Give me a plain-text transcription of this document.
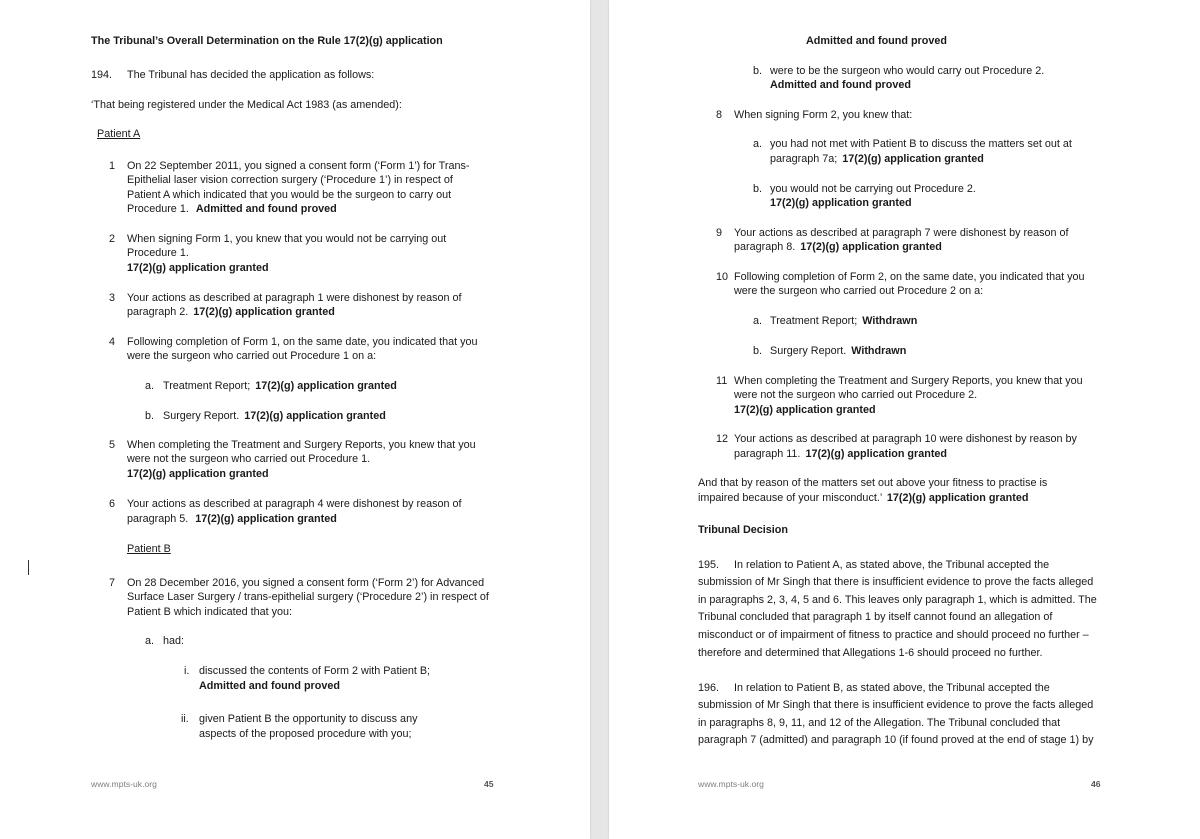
The Tribunal’s Overall Determination on the Rule 17(2)(g) application
194. The Tribunal has decided the application as follows:
‘That being registered under the Medical Act 1983 (as amended):
Patient A
1 On 22 September 2011, you signed a consent form (‘Form 1’) for Trans-
Epithelial laser vision correction surgery (‘Procedure 1’) in respect of
Patient A which indicated that you would be the surgeon to carry out
Procedure 1. Admitted and found proved
2 When signing Form 1, you knew that you would not be carrying out
Procedure 1.
17(2)(g) application granted
3 Your actions as described at paragraph 1 were dishonest by reason of
paragraph 2. 17(2)(g) application granted
4 Following completion of Form 1, on the same date, you indicated that you
were the surgeon who carried out Procedure 1 on a:
a. Treatment Report; 17(2)(g) application granted
b. Surgery Report. 17(2)(g) application granted
5 When completing the Treatment and Surgery Reports, you knew that you
were not the surgeon who carried out Procedure 1.
17(2)(g) application granted
6 Your actions as described at paragraph 4 were dishonest by reason of
paragraph 5. 17(2)(g) application granted
Patient B
7 On 28 December 2016, you signed a consent form (‘Form 2’) for Advanced
Surface Laser Surgery / trans-epithelial surgery (‘Procedure 2’) in respect of
Patient B which indicated that you:
a. had:
i. discussed the contents of Form 2 with Patient B;
Admitted and found proved
ii. given Patient B the opportunity to discuss any
aspects of the proposed procedure with you;
www.mpts-uk.org	45
Admitted and found proved
b. were to be the surgeon who would carry out Procedure 2.
Admitted and found proved
8 When signing Form 2, you knew that:
a. you had not met with Patient B to discuss the matters set out at
paragraph 7a; 17(2)(g) application granted
b. you would not be carrying out Procedure 2.
17(2)(g) application granted
9 Your actions as described at paragraph 7 were dishonest by reason of
paragraph 8. 17(2)(g) application granted
10 Following completion of Form 2, on the same date, you indicated that you
were the surgeon who carried out Procedure 2 on a:
a. Treatment Report; Withdrawn
b. Surgery Report. Withdrawn
11 When completing the Treatment and Surgery Reports, you knew that you
were not the surgeon who carried out Procedure 2.
17(2)(g) application granted
12 Your actions as described at paragraph 10 were dishonest by reason by
paragraph 11. 17(2)(g) application granted
And that by reason of the matters set out above your fitness to practise is
impaired because of your misconduct.’ 17(2)(g) application granted
Tribunal Decision
195. In relation to Patient A, as stated above, the Tribunal accepted the
submission of Mr Singh that there is insufficient evidence to prove the facts alleged
in paragraphs 2, 3, 4, 5 and 6. This leaves only paragraph 1, which is admitted. The
Tribunal concluded that paragraph 1 by itself cannot found an allegation of
misconduct or of impairment of fitness to practice and should proceed no further –
therefore and determined that Allegations 1-6 should proceed no further.
196. In relation to Patient B, as stated above, the Tribunal accepted the
submission of Mr Singh that there is insufficient evidence to prove the facts alleged
in paragraphs 8, 9, 11, and 12 of the Allegation. The Tribunal concluded that
paragraph 7 (admitted) and paragraph 10 (if found proved at the end of stage 1) by
www.mpts-uk.org	46
